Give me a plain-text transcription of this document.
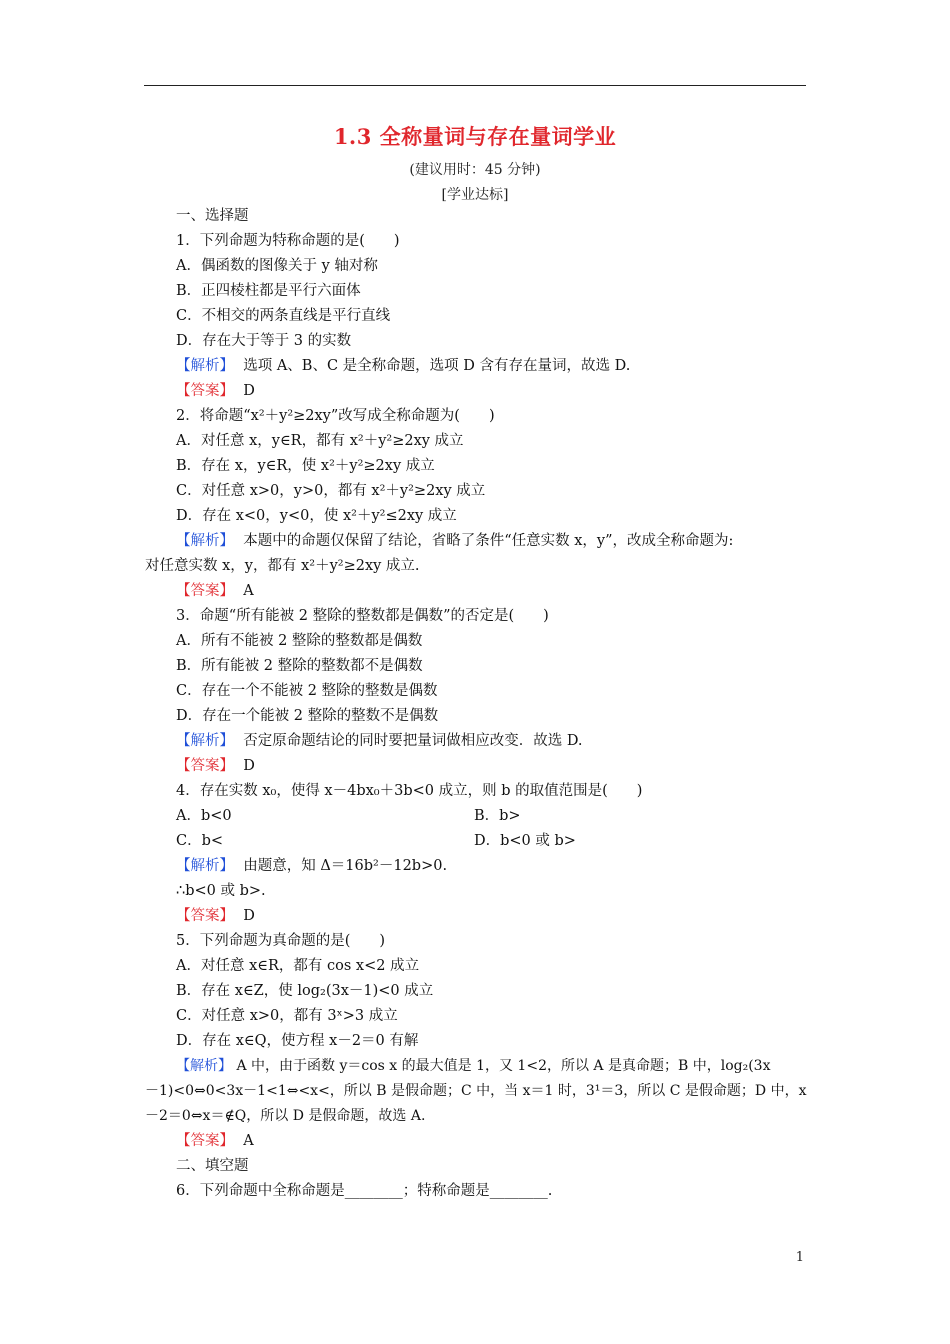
1.3 全称量词与存在量词学业
(建议用时：45 分钟)
[学业达标]
一、选择题
1．下列命题为特称命题的是(　　)
A．偶函数的图像关于 y 轴对称
B．正四棱柱都是平行六面体
C．不相交的两条直线是平行直线
D．存在大于等于 3 的实数
【解析】 选项 A、B、C 是全称命题，选项 D 含有存在量词，故选 D.
【答案】 D
2．将命题“x²＋y²≥2xy”改写成全称命题为(　　)
A．对任意 x，y∈R，都有 x²＋y²≥2xy 成立
B．存在 x，y∈R，使 x²＋y²≥2xy 成立
C．对任意 x>0，y>0，都有 x²＋y²≥2xy 成立
D．存在 x<0，y<0，使 x²＋y²≤2xy 成立
【解析】 本题中的命题仅保留了结论，省略了条件“任意实数 x，y”，改成全称命题为:
对任意实数 x，y，都有 x²＋y²≥2xy 成立.
【答案】 A
3．命题“所有能被 2 整除的整数都是偶数”的否定是(　　)
A．所有不能被 2 整除的整数都是偶数
B．所有能被 2 整除的整数都不是偶数
C．存在一个不能被 2 整除的整数是偶数
D．存在一个能被 2 整除的整数不是偶数
【解析】 否定原命题结论的同时要把量词做相应改变．故选 D.
【答案】 D
4．存在实数 x₀，使得 x－4bx₀＋3b<0 成立，则 b 的取值范围是(　　)
A．b<0	B．b>
C．b<	D．b<0 或 b>
【解析】 由题意，知 Δ＝16b²－12b>0.
∴b<0 或 b>.
【答案】 D
5．下列命题为真命题的是(　　)
A．对任意 x∈R，都有 cos x<2 成立
B．存在 x∈Z，使 log₂(3x－1)<0 成立
C．对任意 x>0，都有 3ˣ>3 成立
D．存在 x∈Q，使方程 x－2＝0 有解
【解析】 A 中，由于函数 y＝cos x 的最大值是 1，又 1<2，所以 A 是真命题；B 中，log₂(3x
－1)<0⇔0<3x－1<1⇔<x<，所以 B 是假命题；C 中，当 x＝1 时，3¹＝3，所以 C 是假命题；D 中，x
－2＝0⇔x＝∉Q，所以 D 是假命题，故选 A.
【答案】 A
二、填空题
6．下列命题中全称命题是________；特称命题是________.
1
